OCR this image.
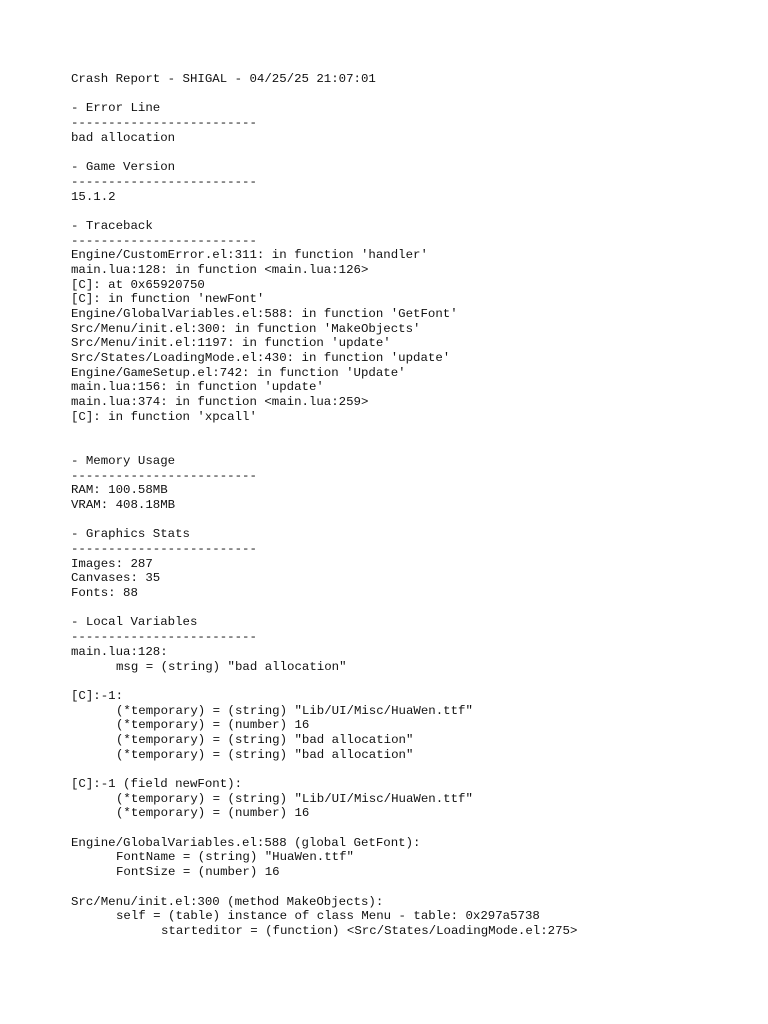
Crash Report - SHIGAL - 04/25/25 21:07:01
- Error Line
-------------------------
bad allocation
- Game Version
-------------------------
15.1.2
- Traceback
-------------------------
Engine/CustomError.el:311: in function 'handler'
main.lua:128: in function <main.lua:126>
[C]: at 0x65920750
[C]: in function 'newFont'
Engine/GlobalVariables.el:588: in function 'GetFont'
Src/Menu/init.el:300: in function 'MakeObjects'
Src/Menu/init.el:1197: in function 'update'
Src/States/LoadingMode.el:430: in function 'update'
Engine/GameSetup.el:742: in function 'Update'
main.lua:156: in function 'update'
main.lua:374: in function <main.lua:259>
[C]: in function 'xpcall'
- Memory Usage
-------------------------
RAM: 100.58MB
VRAM: 408.18MB
- Graphics Stats
-------------------------
Images: 287
Canvases: 35
Fonts: 88
- Local Variables
-------------------------
main.lua:128:
msg = (string) "bad allocation"
[C]:-1:
(*temporary) = (string) "Lib/UI/Misc/HuaWen.ttf"
(*temporary) = (number) 16
(*temporary) = (string) "bad allocation"
(*temporary) = (string) "bad allocation"
[C]:-1 (field newFont):
(*temporary) = (string) "Lib/UI/Misc/HuaWen.ttf"
(*temporary) = (number) 16
Engine/GlobalVariables.el:588 (global GetFont):
FontName = (string) "HuaWen.ttf"
FontSize = (number) 16
Src/Menu/init.el:300 (method MakeObjects):
self = (table) instance of class Menu - table: 0x297a5738
starteditor = (function) <Src/States/LoadingMode.el:275>
